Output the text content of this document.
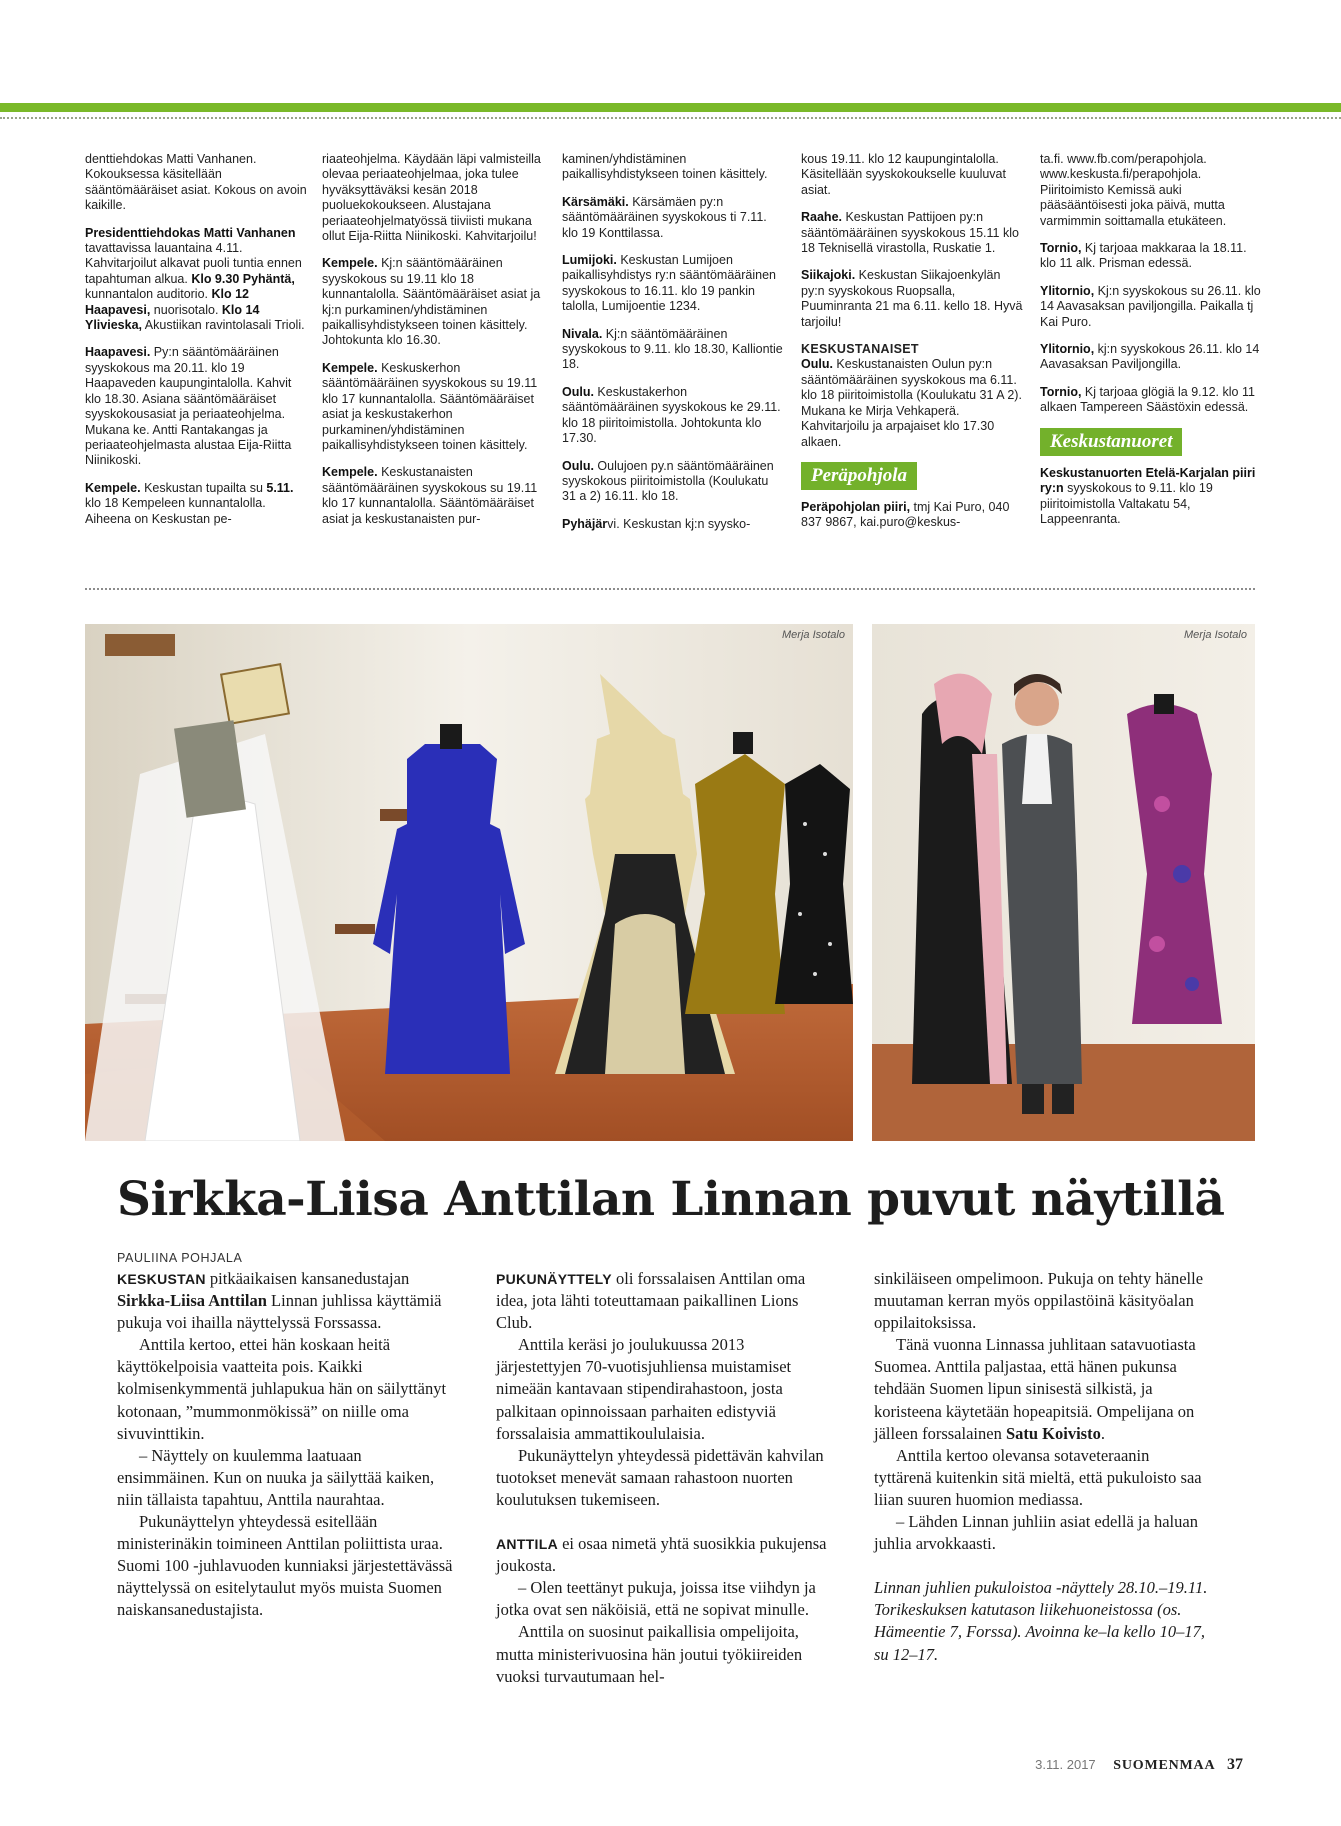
denttiehdokas Matti Vanhanen. Kokouksessa käsitellään sääntömääräiset asiat. Kokous on avoin kaikille.

Presidenttiehdokas Matti Vanhanen tavattavissa lauantaina 4.11. Kahvitarjoilut alkavat puoli tuntia ennen tapahtuman alkua. Klo 9.30 Pyhäntä, kunnantalon auditorio. Klo 12 Haapavesi, nuorisotalo. Klo 14 Ylivieska, Akustiikan ravintolasali Trioli.

Haapavesi. Py:n sääntömääräinen syyskokous ma 20.11. klo 19 Haapaveden kaupungintalolla. Kahvit klo 18.30. Asiana sääntömääräiset syyskokousasiat ja periaateohjelma. Mukana ke. Antti Rantakangas ja periaateohjelmasta alustaa Eija-Riitta Niinikoski.

Kempele. Keskustan tupailta su 5.11. klo 18 Kempeleen kunnantalolla. Aiheena on Keskustan pe-

riaateohjelma. Käydään läpi valmisteilla olevaa periaateohjelmaa, joka tulee hyväksyttäväksi kesän 2018 puoluekokoukseen. Alustajana periaateohjelmatyössä tiiviisti mukana ollut Eija-Riitta Niinikoski. Kahvitarjoilu!

Kempele. Kj:n sääntömääräinen syyskokous su 19.11 klo 18 kunnantalolla. Sääntömääräiset asiat ja kj:n purkaminen/yhdistäminen paikallisyhdistykseen toinen käsittely. Johtokunta klo 16.30.

Kempele. Keskuskerhon sääntömääräinen syyskokous su 19.11 klo 17 kunnantalolla. Sääntömääräiset asiat ja keskustakerhon purkaminen/yhdistäminen paikallisyhdistykseen toinen käsittely.

Kempele. Keskustanaisten sääntömääräinen syyskokous su 19.11 klo 17 kunnantalolla. Sääntömääräiset asiat ja keskustanaisten pur-

kaminen/yhdistäminen paikallisyhdistykseen toinen käsittely.

Kärsämäki. Kärsämäen py:n sääntömääräinen syyskokous ti 7.11. klo 19 Konttilassa.

Lumijoki. Keskustan Lumijoen paikallisyhdistys ry:n sääntömääräinen syyskokous to 16.11. klo 19 pankin talolla, Lumijoentie 1234.

Nivala. Kj:n sääntömääräinen syyskokous to 9.11. klo 18.30, Kalliontie 18.

Oulu. Keskustakerhon sääntömääräinen syyskokous ke 29.11. klo 18 piiritoimistolla. Johtokunta klo 17.30.

Oulu. Oulujoen py.n sääntömääräinen syyskokous piiritoimistolla (Koulukatu 31 a 2) 16.11. klo 18.

Pyhäjärvi. Keskustan kj:n syysko-

kous 19.11. klo 12 kaupungintalolla. Käsitellään syyskokoukselle kuuluvat asiat.

Raahe. Keskustan Pattijoen py:n sääntömääräinen syyskokous 15.11 klo 18 Teknisellä virastolla, Ruskatie 1.

Siikajoki. Keskustan Siikajoenkylän py:n syyskokous Ruopsalla, Puuminranta 21 ma 6.11. kello 18. Hyvä tarjoilu!

KESKUSTANAISET

Oulu. Keskustanaisten Oulun py:n sääntömääräinen syyskokous ma 6.11. klo 18 piiritoimistolla (Koulukatu 31 A 2). Mukana ke Mirja Vehkaperä. Kahvitarjoilu ja arpajaiset klo 17.30 alkaen.

Peräpohjola

Peräpohjolan piiri, tmj Kai Puro, 040 837 9867, kai.puro@keskus-

ta.fi. www.fb.com/perapohjola. www.keskusta.fi/perapohjola. Piiritoimisto Kemissä auki pääsääntöisesti joka päivä, mutta varmimmin soittamalla etukäteen.

Tornio, Kj tarjoaa makkaraa la 18.11. klo 11 alk. Prisman edessä.

Ylitornio, Kj:n syyskokous su 26.11. klo 14 Aavasaksan paviljongilla. Paikalla tj Kai Puro.

Ylitornio, kj:n syyskokous 26.11. klo 14 Aavasaksan Paviljongilla.

Tornio, Kj tarjoaa glögiä la 9.12. klo 11 alkaen Tampereen Säästöxin edessä.

Keskustanuoret

Keskustanuorten Etelä-Karjalan piiri ry:n syyskokous to 9.11. klo 19 piiritoimistolla Valtakatu 54, Lappeenranta.

Merja Isotalo	Merja Isotalo
Sirkka-Liisa Anttilan Linnan puvut näytillä
PAULIINA POHJALA

KESKUSTAN pitkäaikaisen kansanedustajan Sirkka-Liisa Anttilan Linnan juhlissa käyttämiä pukuja voi ihailla näyttelyssä Forssassa.

Anttila kertoo, ettei hän koskaan heitä käyttökelpoisia vaatteita pois. Kaikki kolmisenkymmentä juhlapukua hän on säilyttänyt kotonaan, ”mummonmökissä” on niille oma sivuvinttikin.

– Näyttely on kuulemma laatuaan ensimmäinen. Kun on nuuka ja säilyttää kaiken, niin tällaista tapahtuu, Anttila naurahtaa.

Pukunäyttelyn yhteydessä esitellään ministerinäkin toimineen Anttilan poliittista uraa. Suomi 100 -juhlavuoden kunniaksi järjestettävässä näyttelyssä on esitelytaulut myös muista Suomen naiskansanedustajista.

PUKUNÄYTTELY oli forssalaisen Anttilan oma idea, jota lähti toteuttamaan paikallinen Lions Club.

Anttila keräsi jo joulukuussa 2013 järjestettyjen 70-vuotisjuhliensa muistamiset nimeään kantavaan stipendirahastoon, josta palkitaan opinnoissaan parhaiten edistyviä forssalaisia ammattikoululaisia.

Pukunäyttelyn yhteydessä pidettävän kahvilan tuotokset menevät samaan rahastoon nuorten koulutuksen tukemiseen.

ANTTILA ei osaa nimetä yhtä suosikkia pukujensa joukosta.

– Olen teettänyt pukuja, joissa itse viihdyn ja jotka ovat sen näköisiä, että ne sopivat minulle.

Anttila on suosinut paikallisia ompelijoita, mutta ministerivuosina hän joutui työkiireiden vuoksi turvautumaan hel-

sinkiläiseen ompelimoon. Pukuja on tehty hänelle muutaman kerran myös oppilastöinä käsityöalan oppilaitoksissa.

Tänä vuonna Linnassa juhlitaan satavuotiasta Suomea. Anttila paljastaa, että hänen pukunsa tehdään Suomen lipun sinisestä silkistä, ja koristeena käytetään hopeapitsiä. Ompelijana on jälleen forssalainen Satu Koivisto.

Anttila kertoo olevansa sotaveteraanin tyttärenä kuitenkin sitä mieltä, että pukuloisto saa liian suuren huomion mediassa.

– Lähden Linnan juhliin asiat edellä ja haluan juhlia arvokkaasti.

Linnan juhlien pukuloistoa -näyttely 28.10.–19.11. Torikeskuksen katutason liikehuoneistossa (os. Hämeentie 7, Forssa). Avoinna ke–la kello 10–17, su 12–17.

3.11. 2017 SUOMENMAA 37
